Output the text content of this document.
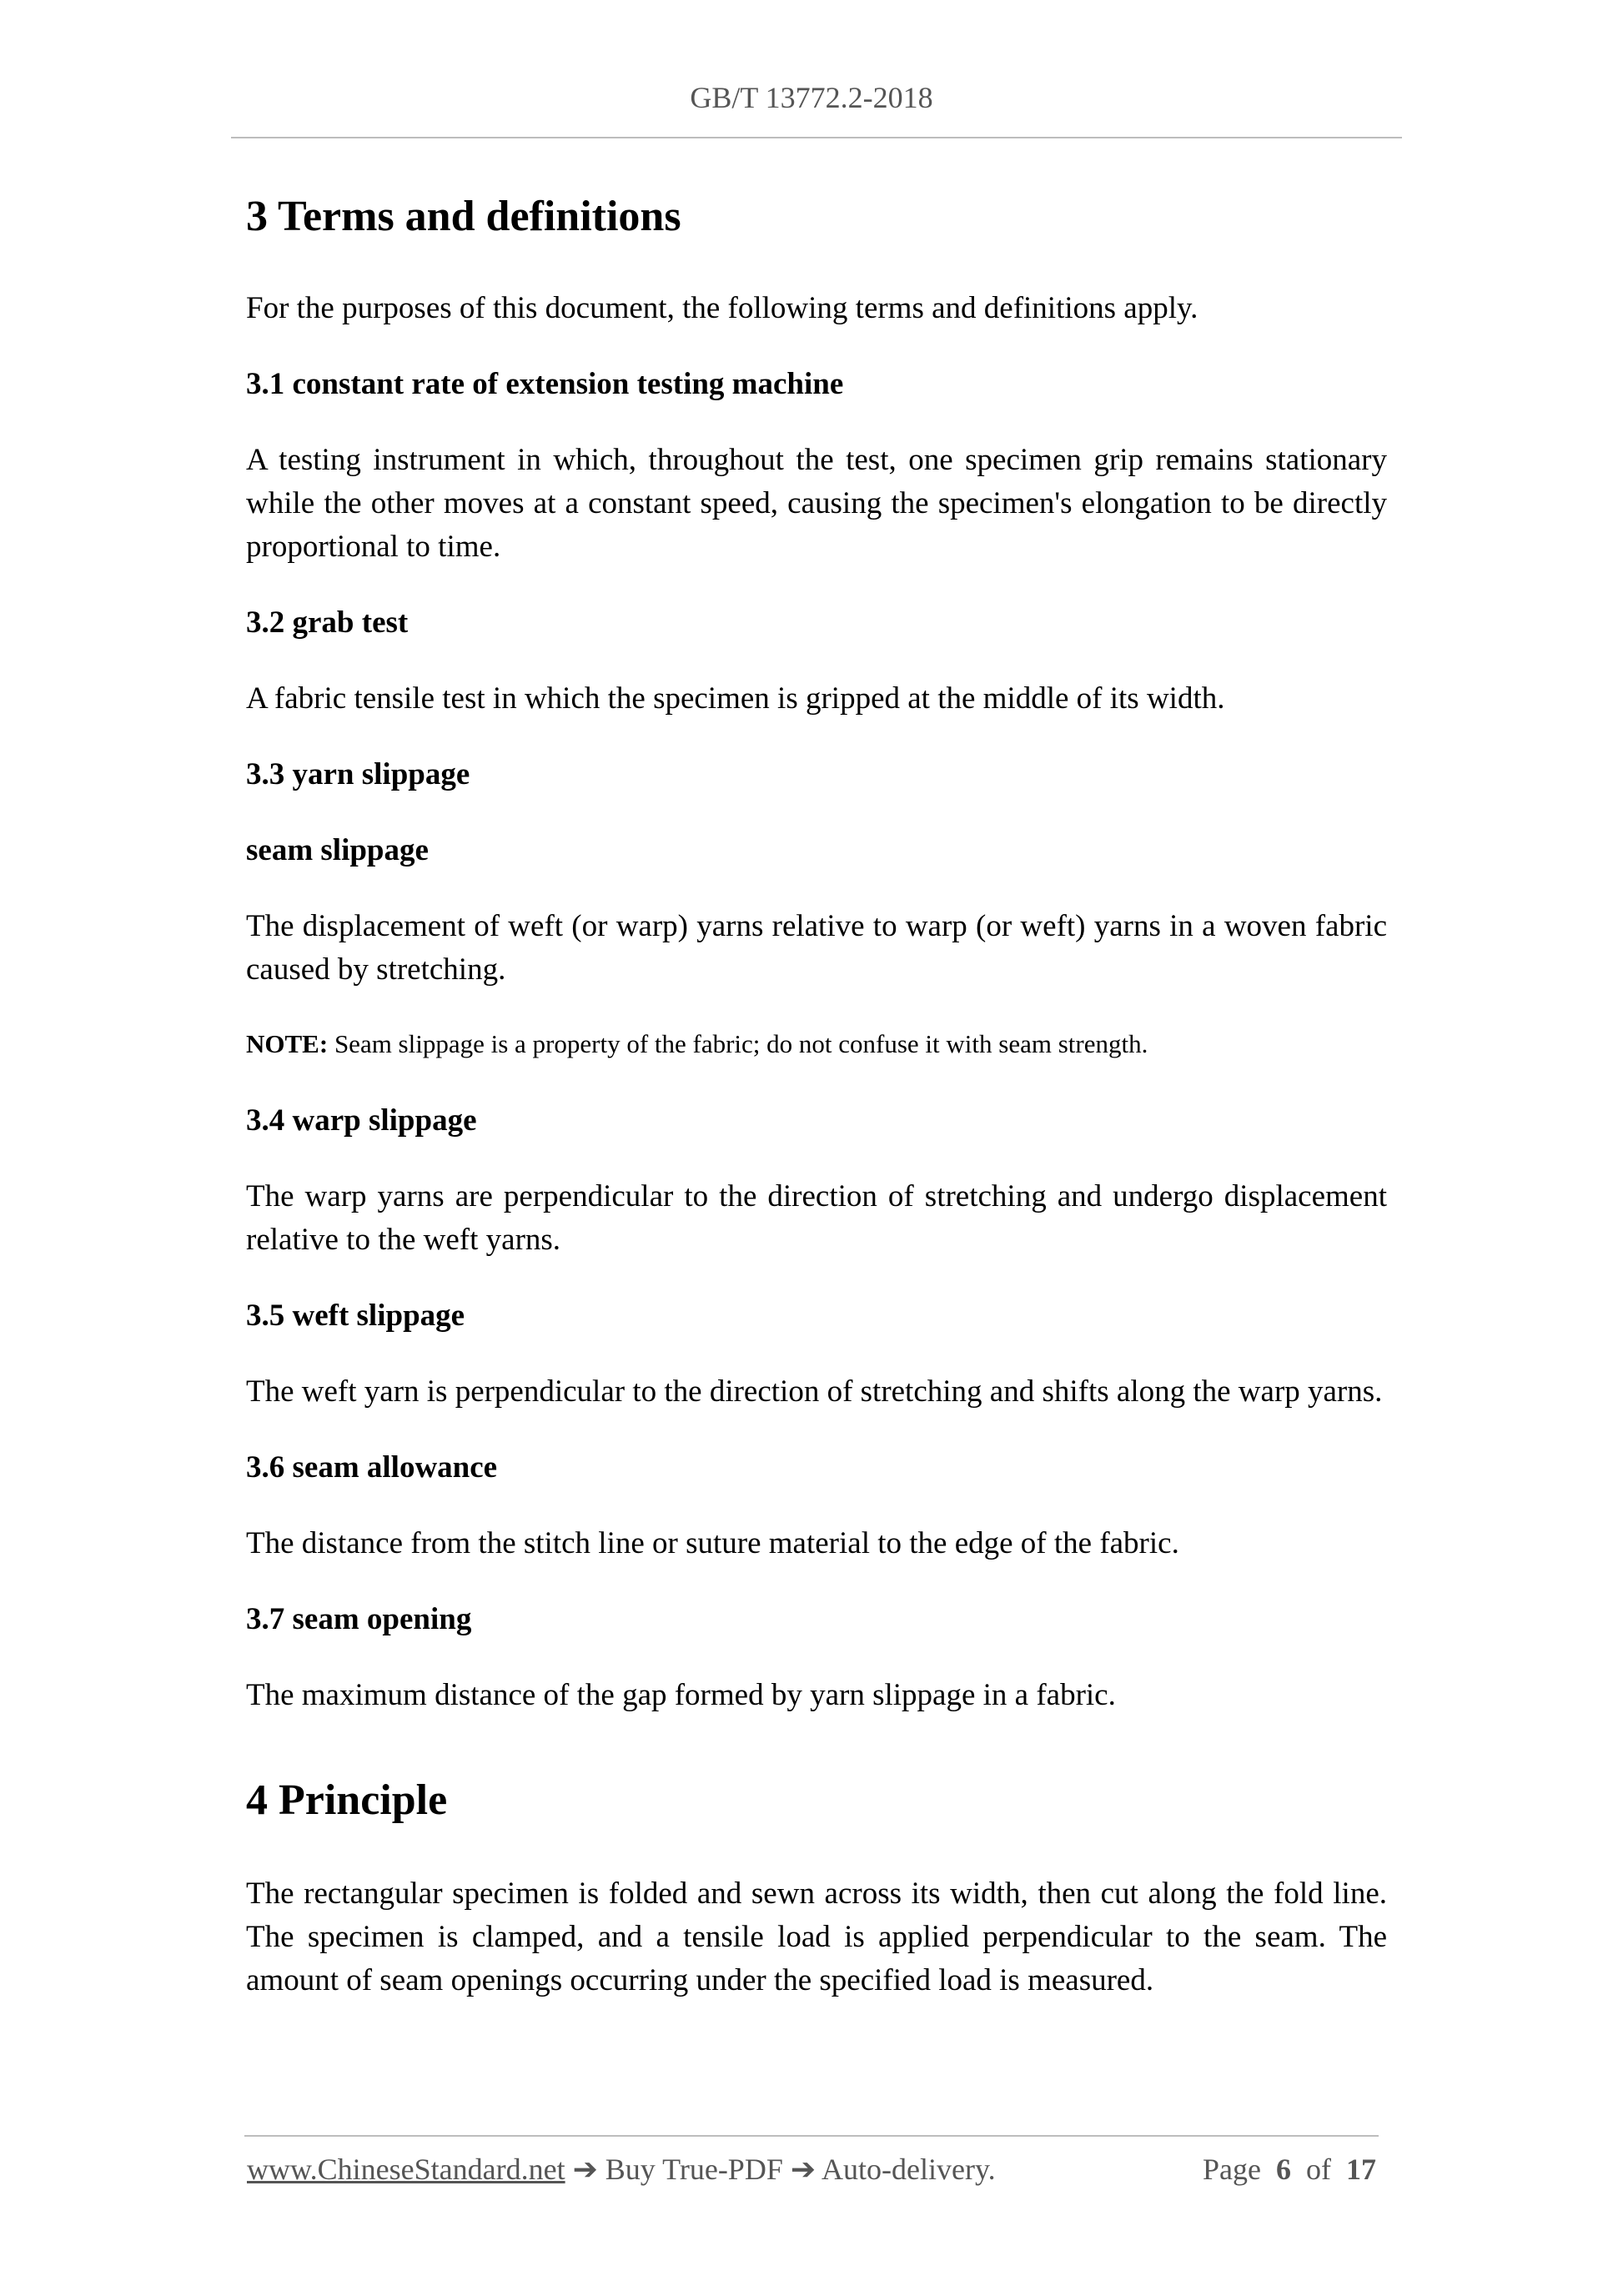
GB/T 13772.2-2018
3 Terms and definitions

For the purposes of this document, the following terms and definitions apply.

3.1 constant rate of extension testing machine

A testing instrument in which, throughout the test, one specimen grip remains stationary while the other moves at a constant speed, causing the specimen's elongation to be directly proportional to time.

3.2 grab test

A fabric tensile test in which the specimen is gripped at the middle of its width.

3.3 yarn slippage

seam slippage

The displacement of weft (or warp) yarns relative to warp (or weft) yarns in a woven fabric caused by stretching.

NOTE: Seam slippage is a property of the fabric; do not confuse it with seam strength.

3.4 warp slippage

The warp yarns are perpendicular to the direction of stretching and undergo displacement relative to the weft yarns.

3.5 weft slippage

The weft yarn is perpendicular to the direction of stretching and shifts along the warp yarns.

3.6 seam allowance

The distance from the stitch line or suture material to the edge of the fabric.

3.7 seam opening

The maximum distance of the gap formed by yarn slippage in a fabric.

4 Principle

The rectangular specimen is folded and sewn across its width, then cut along the fold line. The specimen is clamped, and a tensile load is applied perpendicular to the seam. The amount of seam openings occurring under the specified load is measured.

www.ChineseStandard.net ➔ Buy True-PDF ➔ Auto-delivery.	Page 6 of 17
